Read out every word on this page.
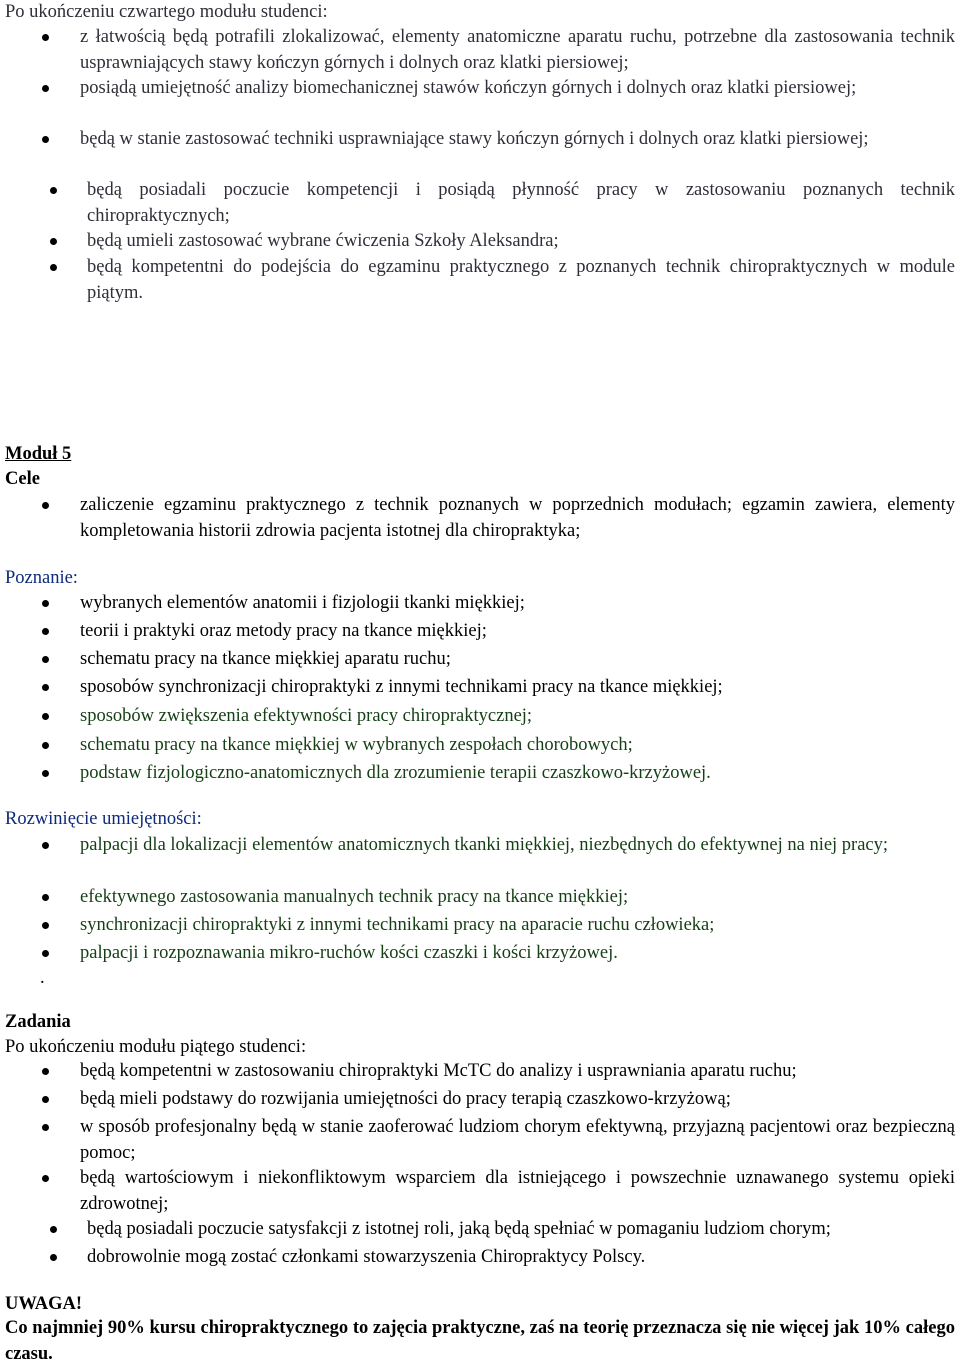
Po ukończeniu czwartego modułu studenci:
z łatwością będą potrafili zlokalizować, elementy anatomiczne aparatu ruchu, potrzebne dla zastosowania technik usprawniających stawy kończyn górnych i dolnych oraz klatki piersiowej;
posiądą umiejętność analizy biomechanicznej stawów kończyn górnych i dolnych oraz klatki piersiowej;
będą w stanie zastosować techniki usprawniające stawy kończyn górnych i dolnych oraz klatki piersiowej;
będą posiadali poczucie kompetencji i posiądą płynność pracy w zastosowaniu poznanych technik chiropraktycznych;
będą umieli zastosować wybrane ćwiczenia Szkoły Aleksandra;
będą kompetentni do podejścia do egzaminu praktycznego z poznanych technik chiropraktycznych w module piątym.
Moduł 5
Cele
zaliczenie egzaminu praktycznego z technik poznanych w poprzednich modułach; egzamin zawiera, elementy kompletowania historii zdrowia pacjenta istotnej dla chiropraktyka;
Poznanie:
wybranych elementów anatomii i fizjologii tkanki miękkiej;
teorii i praktyki oraz metody pracy na tkance miękkiej;
schematu pracy na tkance miękkiej aparatu ruchu;
sposobów synchronizacji chiropraktyki z innymi technikami pracy na tkance miękkiej;
sposobów zwiększenia efektywności pracy chiropraktycznej;
schematu pracy na tkance miękkiej w wybranych zespołach chorobowych;
podstaw fizjologiczno-anatomicznych dla zrozumienie terapii czaszkowo-krzyżowej.
Rozwinięcie umiejętności:
palpacji dla lokalizacji elementów anatomicznych tkanki miękkiej, niezbędnych do efektywnej na niej pracy;
efektywnego zastosowania manualnych technik pracy na tkance miękkiej;
synchronizacji chiropraktyki z innymi technikami pracy na aparacie ruchu człowieka;
palpacji i rozpoznawania mikro-ruchów kości czaszki i kości krzyżowej.
.
Zadania
Po ukończeniu modułu piątego studenci:
będą kompetentni w zastosowaniu chiropraktyki McTC do analizy i usprawniania aparatu ruchu;
będą mieli podstawy do rozwijania umiejętności do pracy terapią czaszkowo-krzyżową;
w sposób profesjonalny będą w stanie zaoferować ludziom chorym efektywną, przyjazną pacjentowi oraz bezpieczną pomoc;
będą wartościowym i niekonfliktowym wsparciem dla istniejącego i powszechnie uznawanego systemu opieki zdrowotnej;
będą posiadali poczucie satysfakcji z istotnej roli, jaką będą spełniać w pomaganiu ludziom chorym;
dobrowolnie mogą zostać członkami stowarzyszenia Chiropraktycy Polscy.
UWAGA!
Co najmniej 90% kursu chiropraktycznego to zajęcia praktyczne, zaś na teorię przeznacza się nie więcej jak 10% całego czasu.
